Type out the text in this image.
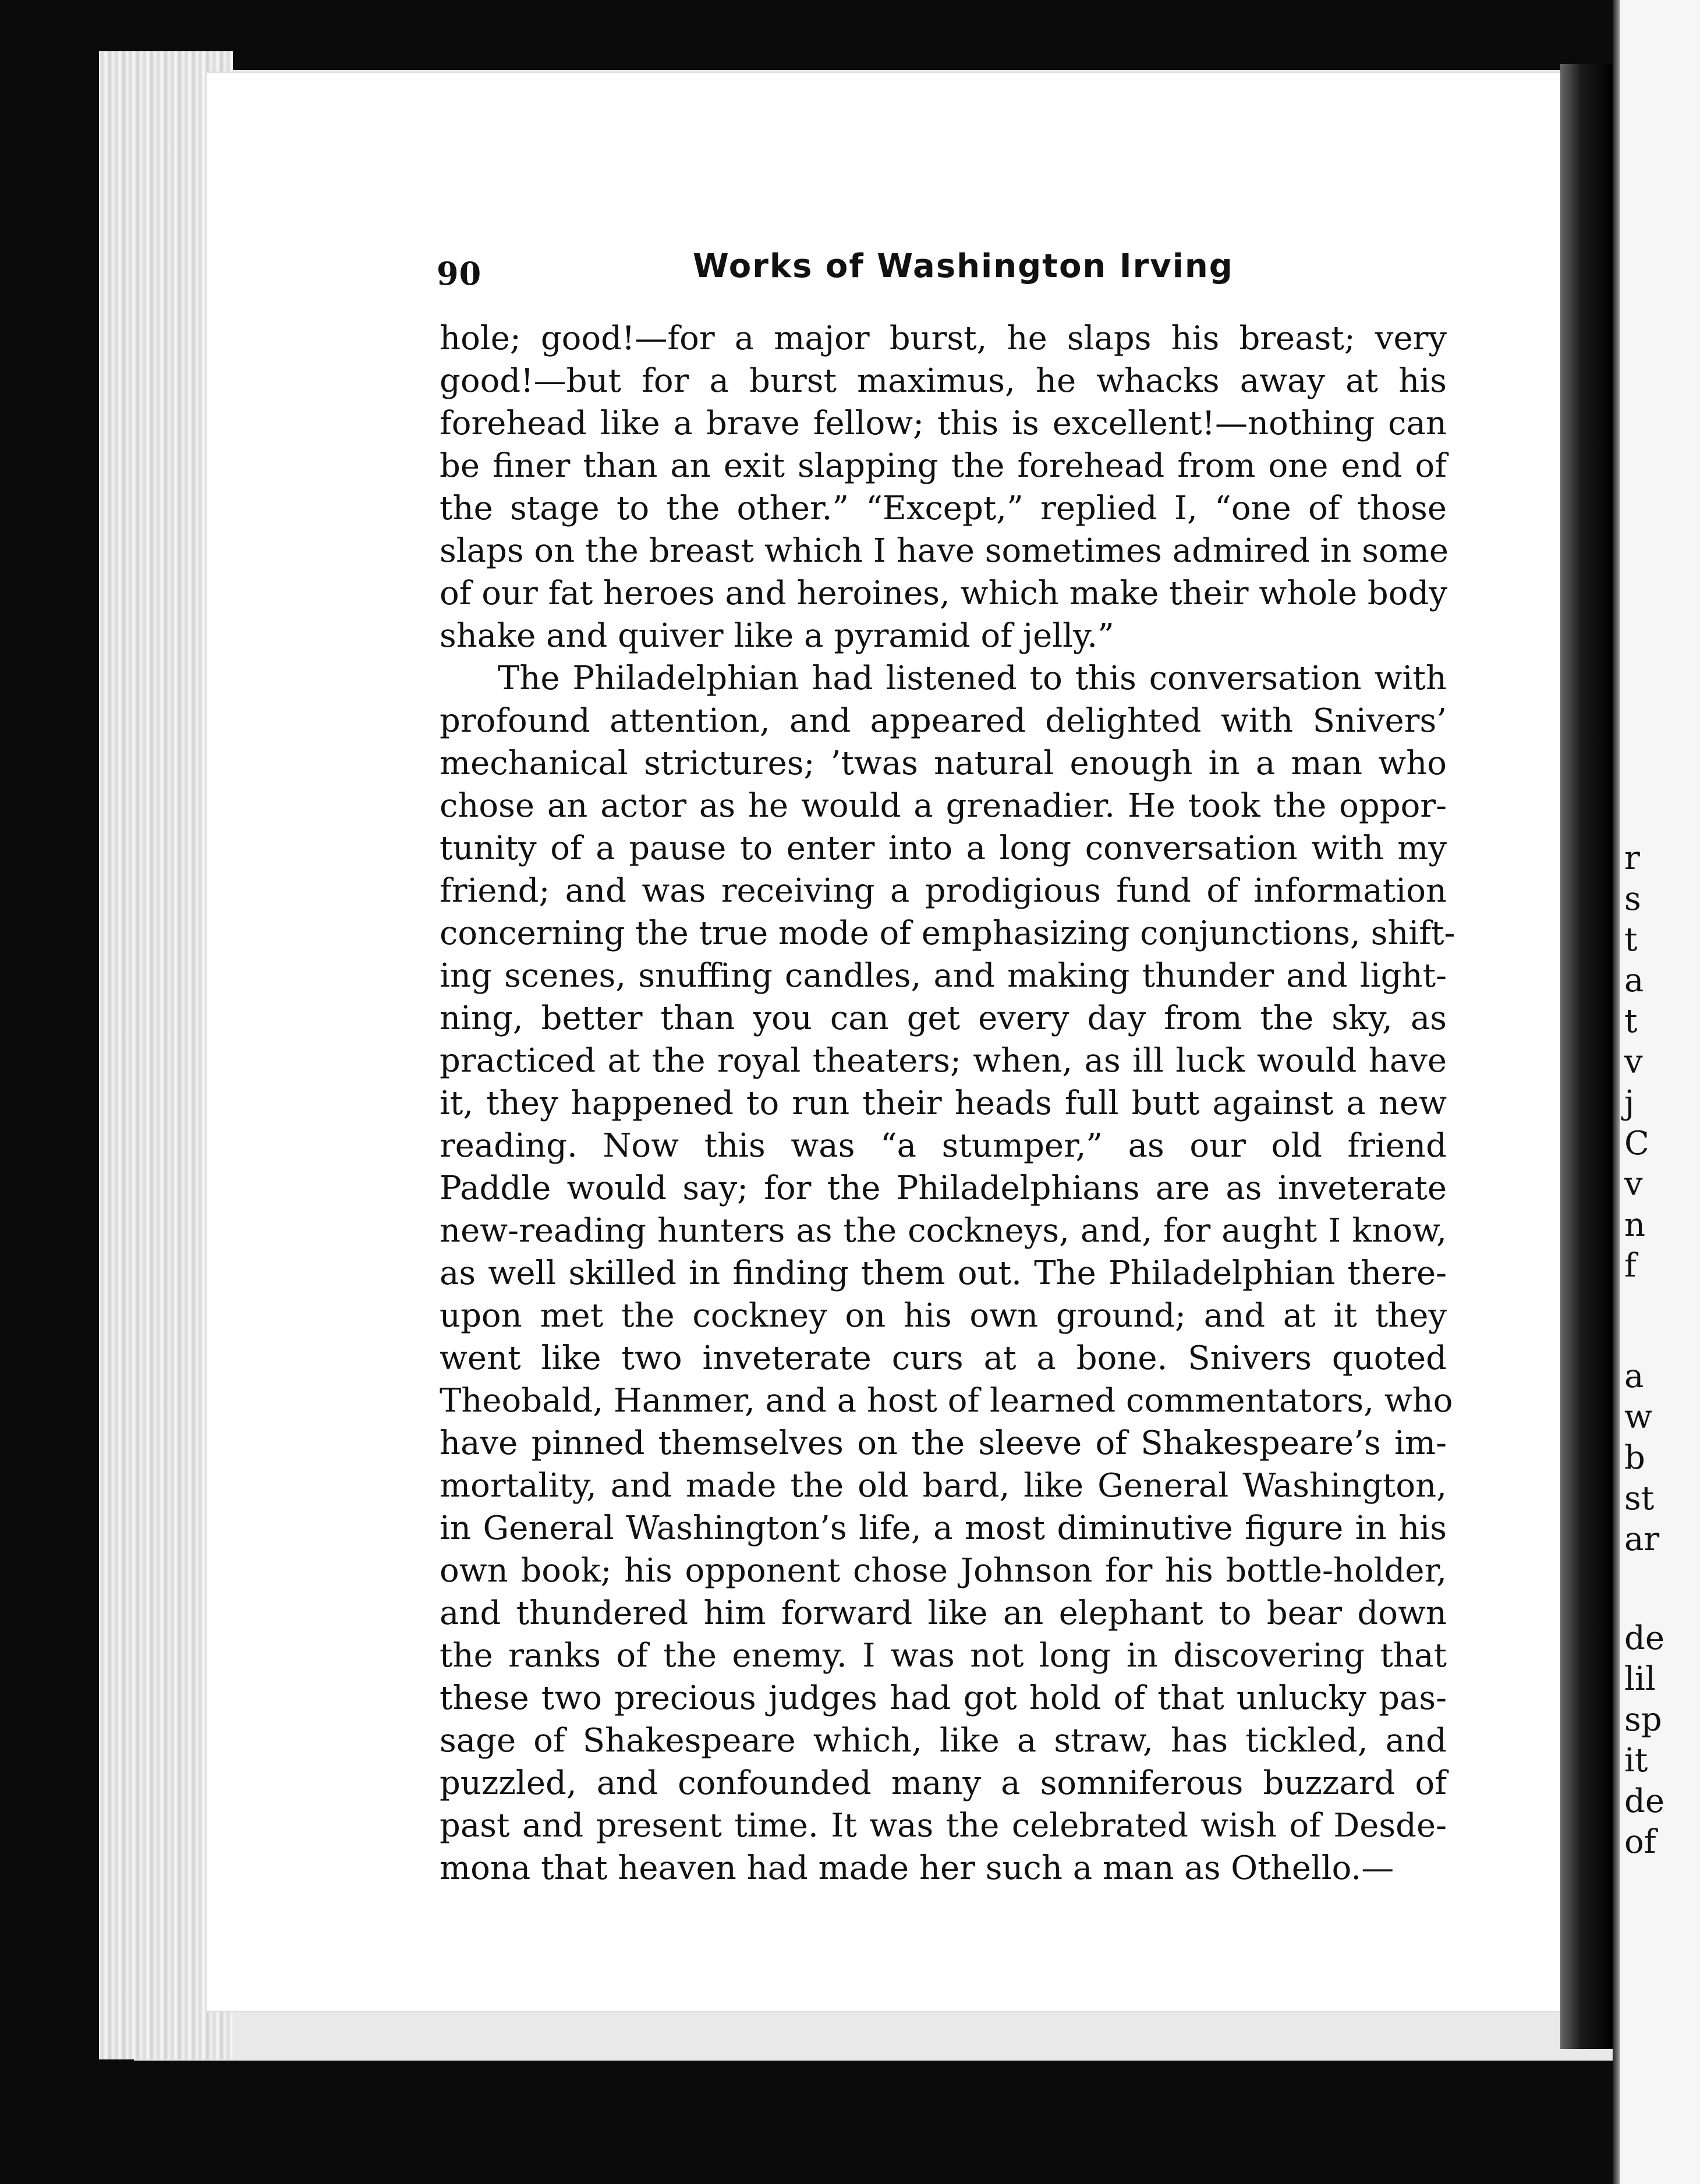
90	Works of Washington Irving
hole; good!—for a major burst, he slaps his breast; very
good!—but for a burst maximus, he whacks away at his
forehead like a brave fellow; this is excellent!—nothing can
be finer than an exit slapping the forehead from one end of
the stage to the other.” “Except,” replied I, “one of those
slaps on the breast which I have sometimes admired in some
of our fat heroes and heroines, which make their whole body
shake and quiver like a pyramid of jelly.”
The Philadelphian had listened to this conversation with
profound attention, and appeared delighted with Snivers’
mechanical strictures; ’twas natural enough in a man who
chose an actor as he would a grenadier. He took the oppor-
tunity of a pause to enter into a long conversation with my
friend; and was receiving a prodigious fund of information
concerning the true mode of emphasizing conjunctions, shift-
ing scenes, snuffing candles, and making thunder and light-
ning, better than you can get every day from the sky, as
practiced at the royal theaters; when, as ill luck would have
it, they happened to run their heads full butt against a new
reading. Now this was “a stumper,” as our old friend
Paddle would say; for the Philadelphians are as inveterate
new-reading hunters as the cockneys, and, for aught I know,
as well skilled in finding them out. The Philadelphian there-
upon met the cockney on his own ground; and at it they
went like two inveterate curs at a bone. Snivers quoted
Theobald, Hanmer, and a host of learned commentators, who
have pinned themselves on the sleeve of Shakespeare’s im-
mortality, and made the old bard, like General Washington,
in General Washington’s life, a most diminutive figure in his
own book; his opponent chose Johnson for his bottle-holder,
and thundered him forward like an elephant to bear down
the ranks of the enemy. I was not long in discovering that
these two precious judges had got hold of that unlucky pas-
sage of Shakespeare which, like a straw, has tickled, and
puzzled, and confounded many a somniferous buzzard of
past and present time. It was the celebrated wish of Desde-
mona that heaven had made her such a man as Othello.—
r
s
t
a
t
v
j
C
v
n
f
a
w
b
st
ar
de
lil
sp
it
de
of
